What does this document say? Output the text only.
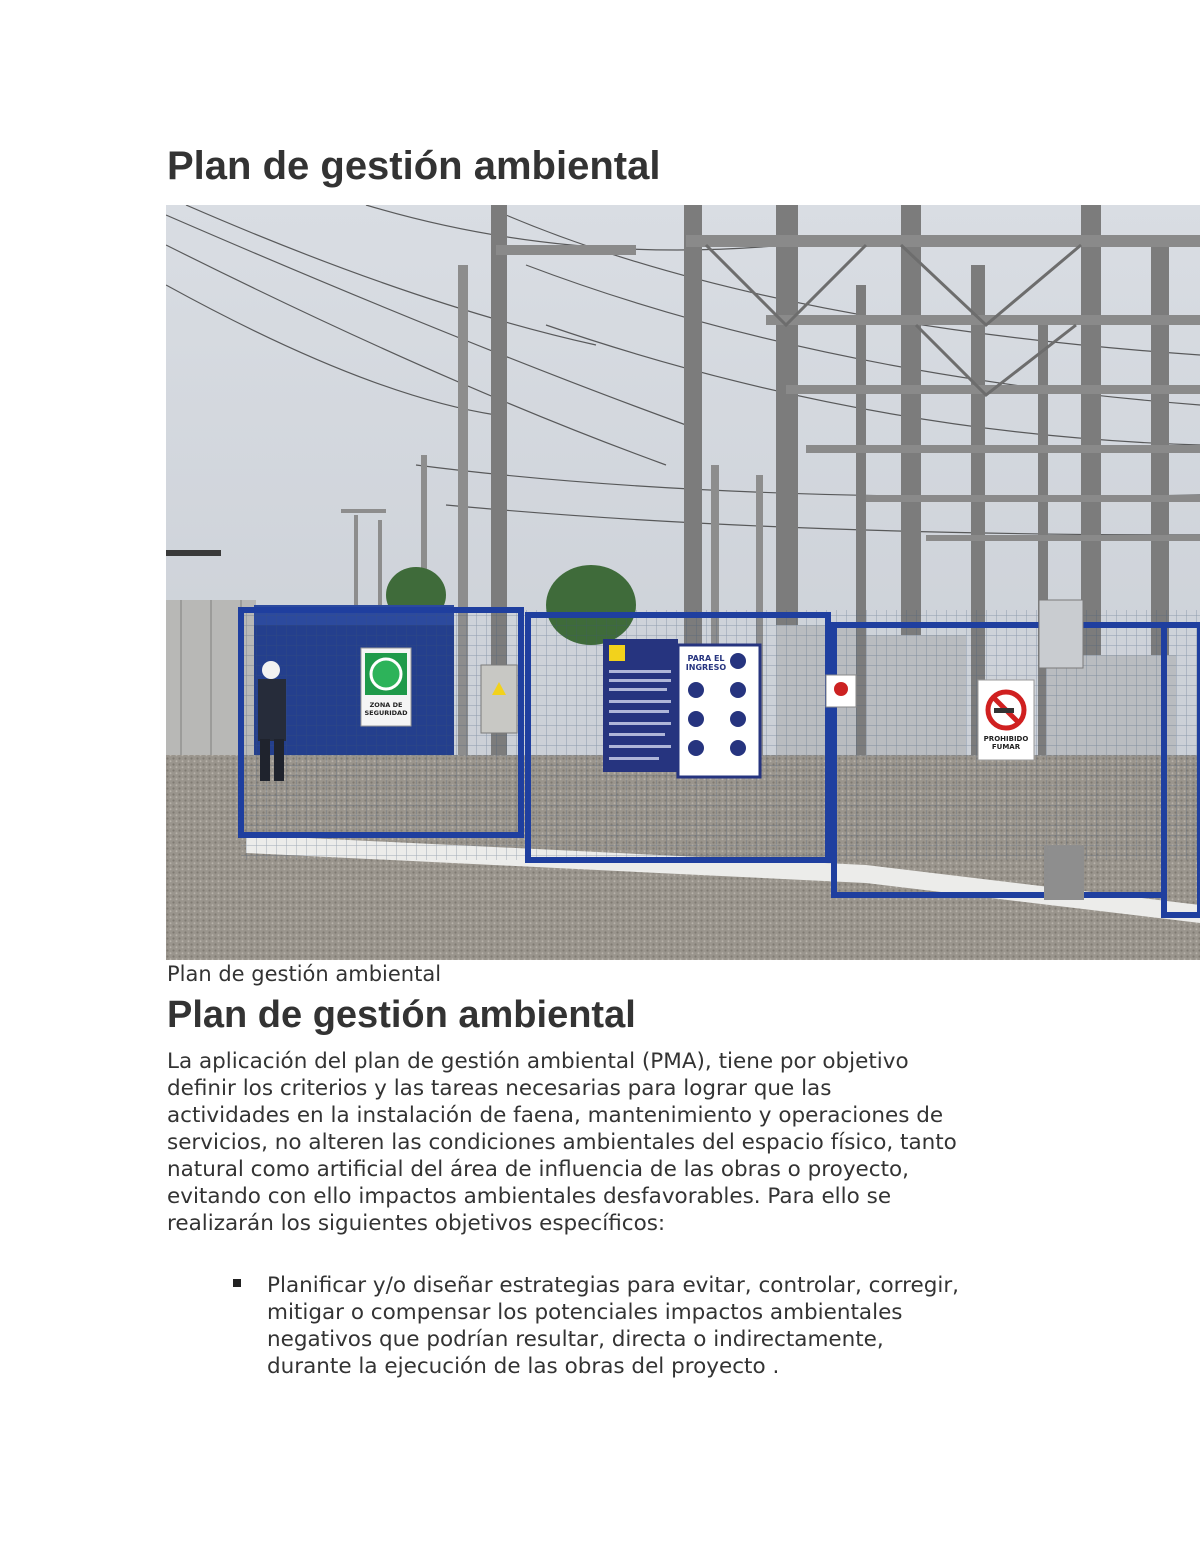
Plan de gestión ambiental
ZONA DE SEGURIDAD
PARA EL INGRESO
PROHIBIDO FUMAR

Plan de gestión ambiental

Plan de gestión ambiental

La aplicación del plan de gestión ambiental (PMA), tiene por objetivo
definir los criterios y las tareas necesarias para lograr que las
actividades en la instalación de faena, mantenimiento y operaciones de
servicios, no alteren las condiciones ambientales del espacio físico, tanto
natural como artificial del área de influencia de las obras o proyecto,
evitando con ello impactos ambientales desfavorables. Para ello se
realizarán los siguientes objetivos específicos:

Planificar y/o diseñar estrategias para evitar, controlar, corregir,
mitigar o compensar los potenciales impactos ambientales
negativos que podrían resultar, directa o indirectamente,
durante la ejecución de las obras del proyecto .
